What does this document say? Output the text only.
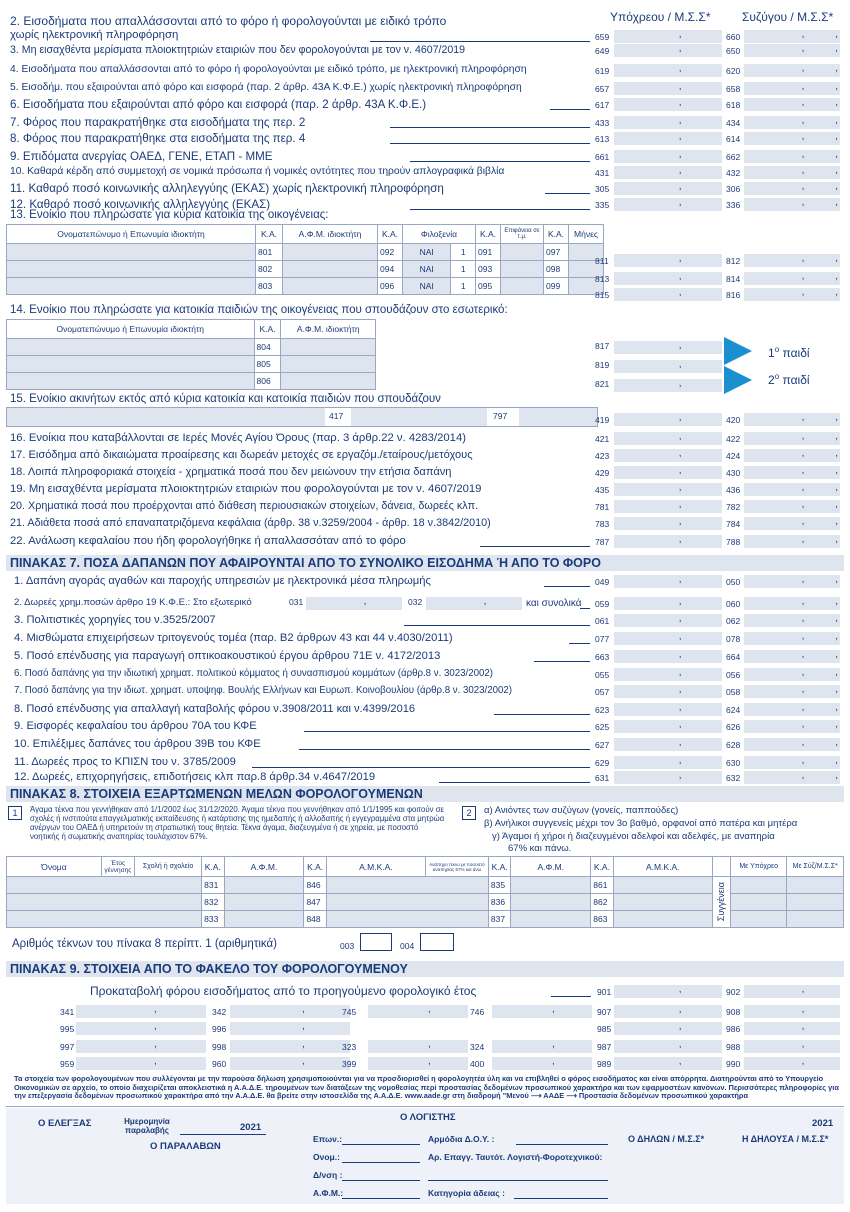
Υπόχρεου / Μ.Σ.Σ*	Συζύγου / Μ.Σ.Σ*
2. Εισοδήματα που απαλλάσσονται από το φόρο ή φορολογούνται με ειδικό τρόπο
χωρίς ηλεκτρονική πληροφόρηση	659	,	660	,	,
3. Μη εισαχθέντα μερίσματα πλοιοκτητριών εταιριών που δεν φορολογούνται με τον ν. 4607/2019	649	,	650	,	,
4. Εισοδήματα που απαλλάσσονται από το φόρο ή φορολογούνται με ειδικό τρόπο, με ηλεκτρονική πληροφόρηση	619	,	620	,	,
5. Εισοδήμ. που εξαιρούνται από φόρο και εισφορά (παρ. 2 άρθρ. 43Α Κ.Φ.Ε.) χωρίς ηλεκτρονική πληροφόρηση	657	,	658	,	,
6. Εισοδήματα που εξαιρούνται από φόρο και εισφορά (παρ. 2 άρθρ. 43Α Κ.Φ.Ε.)	617	,	618	,	,
7. Φόρος που παρακρατήθηκε στα εισοδήματα της περ. 2	433	,	434	,	,
8. Φόρος που παρακρατήθηκε στα εισοδήματα της περ. 4	613	,	614	,	,
9. Επιδόματα ανεργίας ΟΑΕΔ, ΓΕΝΕ, ΕΤΑΠ - ΜΜΕ	661	,	662	,	,
10. Καθαρά κέρδη από συμμετοχή σε νομικά πρόσωπα ή νομικές οντότητες που τηρούν απλογραφικά βιβλία	431	,	432	,	,
11. Καθαρό ποσό κοινωνικής αλληλεγγύης (ΕΚΑΣ) χωρίς ηλεκτρονική πληροφόρηση	305	,	306	,	,
12. Καθαρό ποσό κοινωνικής αλληλεγγύης (ΕΚΑΣ)	335	,	336	,	,
13. Ενοίκιο που πληρώσατε για κύρια κατοικία της οικογένειας:
Ονοματεπώνυμο ή Επωνυμία ιδιοκτήτη	Κ.Α.	Α.Φ.Μ. ιδιοκτήτη	Κ.Α.	Φιλοξενία		Κ.Α.	Επιφάνεια σε τ.μ.	Κ.Α.	Μήνες
	801		092	ΝΑΙ	1	091		097	
	802		094	ΝΑΙ	1	093		098	
	803		096	ΝΑΙ	1	095		099	
811	,	812	,	,
813	,	814	,	,
815	,	816	,	,
14. Ενοίκιο που πληρώσατε για κατοικία παιδιών της οικογένειας που σπουδάζουν στο εσωτερικό:
Ονοματεπώνυμο ή Επωνυμία ιδιοκτήτη	Κ.Α.	Α.Φ.Μ. ιδιοκτήτη
	804	
	805	
	806	
817	,
819	,
821	,
$1^o$ παιδί
$2^o$ παιδί
15. Ενοίκιο ακινήτων εκτός από κύρια κατοικία και κατοικία παιδιών που σπουδάζουν
417	797	419	,	420	,	,
16. Ενοίκια που καταβάλλονται σε Ιερές Μονές Αγίου Όρους (παρ. 3 άρθρ.22 ν. 4283/2014)	421	,	422	,	,
17. Εισόδημα από δικαιώματα προαίρεσης και δωρεάν μετοχές σε εργαζόμ./εταίρους/μετόχους	423	,	424	,	,
18. Λοιπά πληροφοριακά στοιχεία - χρηματικά ποσά που δεν μειώνουν την ετήσια δαπάνη	429	,	430	,	,
19. Μη εισαχθέντα μερίσματα πλοιοκτητριών εταιριών που φορολογούνται με τον ν. 4607/2019	435	,	436	,	,
20. Χρηματικά ποσά που προέρχονται από διάθεση περιουσιακών στοιχείων, δάνεια, δωρεές κλπ.	781	,	782	,	,
21. Αδιάθετα ποσά από επαναπατριζόμενα κεφάλαια (άρθρ. 38 ν.3259/2004 - άρθρ. 18 ν.3842/2010)	783	,	784	,	,
22. Ανάλωση κεφαλαίου που ήδη φορολογήθηκε ή απαλλασσόταν από το φόρο	787	,	788	,	,
ΠΙΝΑΚΑΣ 7. ΠΟΣΑ ΔΑΠΑΝΩΝ ΠΟΥ ΑΦΑΙΡΟΥΝΤΑΙ ΑΠΟ ΤΟ ΣΥΝΟΛΙΚΟ ΕΙΣΟΔΗΜΑ Ή ΑΠΟ ΤΟ ΦΟΡΟ
1. Δαπάνη αγοράς αγαθών και παροχής υπηρεσιών με ηλεκτρονικά μέσα πληρωμής	049	,	050	,	,
2. Δωρεές χρημ.ποσών άρθρο 19 Κ.Φ.Ε.: Στο εξωτερικό	059	,	060	,	,
3. Πολιτιστικές χορηγίες του ν.3525/2007	061	,	062	,	,
4. Μισθώματα επιχειρήσεων τριτογενούς τομέα (παρ. Β2 άρθρων 43 και 44 ν.4030/2011)	077	,	078	,	,
5. Ποσό επένδυσης για παραγωγή οπτικοακουστικού έργου άρθρου 71Ε ν. 4172/2013	663	,	664	,	,
6. Ποσό δαπάνης για την ιδιωτική χρηματ. πολιτικού κόμματος ή συνασπισμού κομμάτων (άρθρ.8 ν. 3023/2002)	055	,	056	,	,
7. Ποσό δαπάνης για την ιδιωτ. χρηματ. υποψηφ. Βουλής Ελλήνων και Ευρωπ. Κοινοβουλίου (άρθρ.8 ν. 3023/2002)	057	,	058	,	,
8. Ποσό επένδυσης για απαλλαγή καταβολής φόρου ν.3908/2011 και ν.4399/2016	623	,	624	,	,
9. Εισφορές κεφαλαίου του άρθρου 70Α του ΚΦΕ	625	,	626	,	,
10. Επιλέξιμες δαπάνες του άρθρου 39Β του ΚΦΕ	627	,	628	,	,
11. Δωρεές προς το ΚΠΙΣΝ του ν. 3785/2009	629	,	630	,	,
12. Δωρεές, επιχορηγήσεις, επιδοτήσεις κλπ παρ.8 άρθρ.34 ν.4647/2019	631	,	632	,	,
031	,	032	,	και συνολικά
ΠΙΝΑΚΑΣ 8. ΣΤΟΙΧΕΙΑ ΕΞΑΡΤΩΜΕΝΩΝ ΜΕΛΩΝ ΦΟΡΟΛΟΓΟΥΜΕΝΩΝ
1	Άγαμα τέκνα που γεννήθηκαν από 1/1/2002 έως 31/12/2020. Άγαμα τέκνα που γεννήθηκαν από 1/1/1995 και φοιτούν σε σχολές ή ινστιτούτα επαγγελματικής εκπαίδευσης ή κατάρτισης της ημεδαπής ή αλλοδαπής ή εγγεγραμμένα στα μητρώα ανέργων του ΟΑΕΔ ή υπηρετούν τη στρατιωτική τους θητεία. Τέκνα άγαμα, διαζευγμένα ή σε χηρεία, με ποσοστό νοητικής ή σωματικής αναπηρίας τουλάχιστον 67%.
2	α) Ανιόντες των συζύγων (γονείς, παππούδες)
β) Ανήλικοι συγγενείς μέχρι τον 3ο βαθμό, ορφανοί από πατέρα και μητέρα
γ) Άγαμοι ή χήροι ή διαζευγμένοι αδελφοί και αδελφές, με αναπηρία
67% και πάνω.
Όνομα	Έτος γέννησης	Σχολή ή σχολείο	Κ.Α.	Α.Φ.Μ.	Κ.Α.	Α.Μ.Κ.Α.	Ανάπηρο τέκνο με ποσοστό αναπηρίας 67% και άνω	Κ.Α.	Α.Φ.Μ.	Κ.Α.	Α.Μ.Κ.Α.		Με Υπόχρεο	Με Σύζ/Μ.Σ.Σ*
			831		846			835		861		Συγγένεια		

			832		847			836		862				
			833		848			837		863				
Αριθμός τέκνων του πίνακα 8 περίπτ. 1 (αριθμητικά)	003	004
ΠΙΝΑΚΑΣ 9. ΣΤΟΙΧΕΙΑ ΑΠΟ ΤΟ ΦΑΚΕΛΟ ΤΟΥ ΦΟΡΟΛΟΓΟΥΜΕΝΟΥ
Προκαταβολή φόρου εισοδήματος από το προηγούμενο φορολογικό έτος	901	,	902	,
341	,	342	,	745	,	746	,	907	,	908	,
995	,	996	,	985	,	986	,
997	,	998	,	323	,	324	,	987	,	988	,
959	,	960	,	399	,	400	,	989	,	990	,
Τα στοιχεία των φορολογουμένων που συλλέγονται με την παρούσα δήλωση χρησιμοποιούνται για να προσδιορισθεί η φορολογητέα ύλη και να επιβληθεί ο φόρος εισοδήματος και είναι απόρρητα. Διατηρούνται από το Υπουργείο Οικονομικών σε αρχείο, το οποίο διαχειρίζεται αποκλειστικά η Α.Α.Δ.Ε. τηρουμένων των διατάξεων της νομοθεσίας περί προστασίας δεδομένων προσωπικού χαρακτήρα και των εφαρμοστέων κανόνων. Περισσότερες πληροφορίες για την επεξεργασία δεδομένων προσωπικού χαρακτήρα από την Α.Α.Δ.Ε. θα βρείτε στην ιστοσελίδα της Α.Α.Δ.Ε. www.aade.gr στη διαδρομή "Μενού ⟶ ΑΑΔΕ ⟶ Προστασία δεδομένων προσωπικού χαρακτήρα
Ο ΕΛΕΓΞΑΣ	Ημερομηνία παραλαβής	2021
Ο ΠΑΡΑΛΑΒΩΝ
Ο ΛΟΓΙΣΤΗΣ
Επων.:	Αρμόδια Δ.Ο.Υ. :
Ονομ.:	Αρ. Επαγγ. Ταυτότ. Λογιστή-Φοροτεχνικού:
Δ/νση :
Α.Φ.Μ.:	Κατηγορία άδειας :
2021
Ο ΔΗΛΩΝ / Μ.Σ.Σ*	Η ΔΗΛΟΥΣΑ / Μ.Σ.Σ*
